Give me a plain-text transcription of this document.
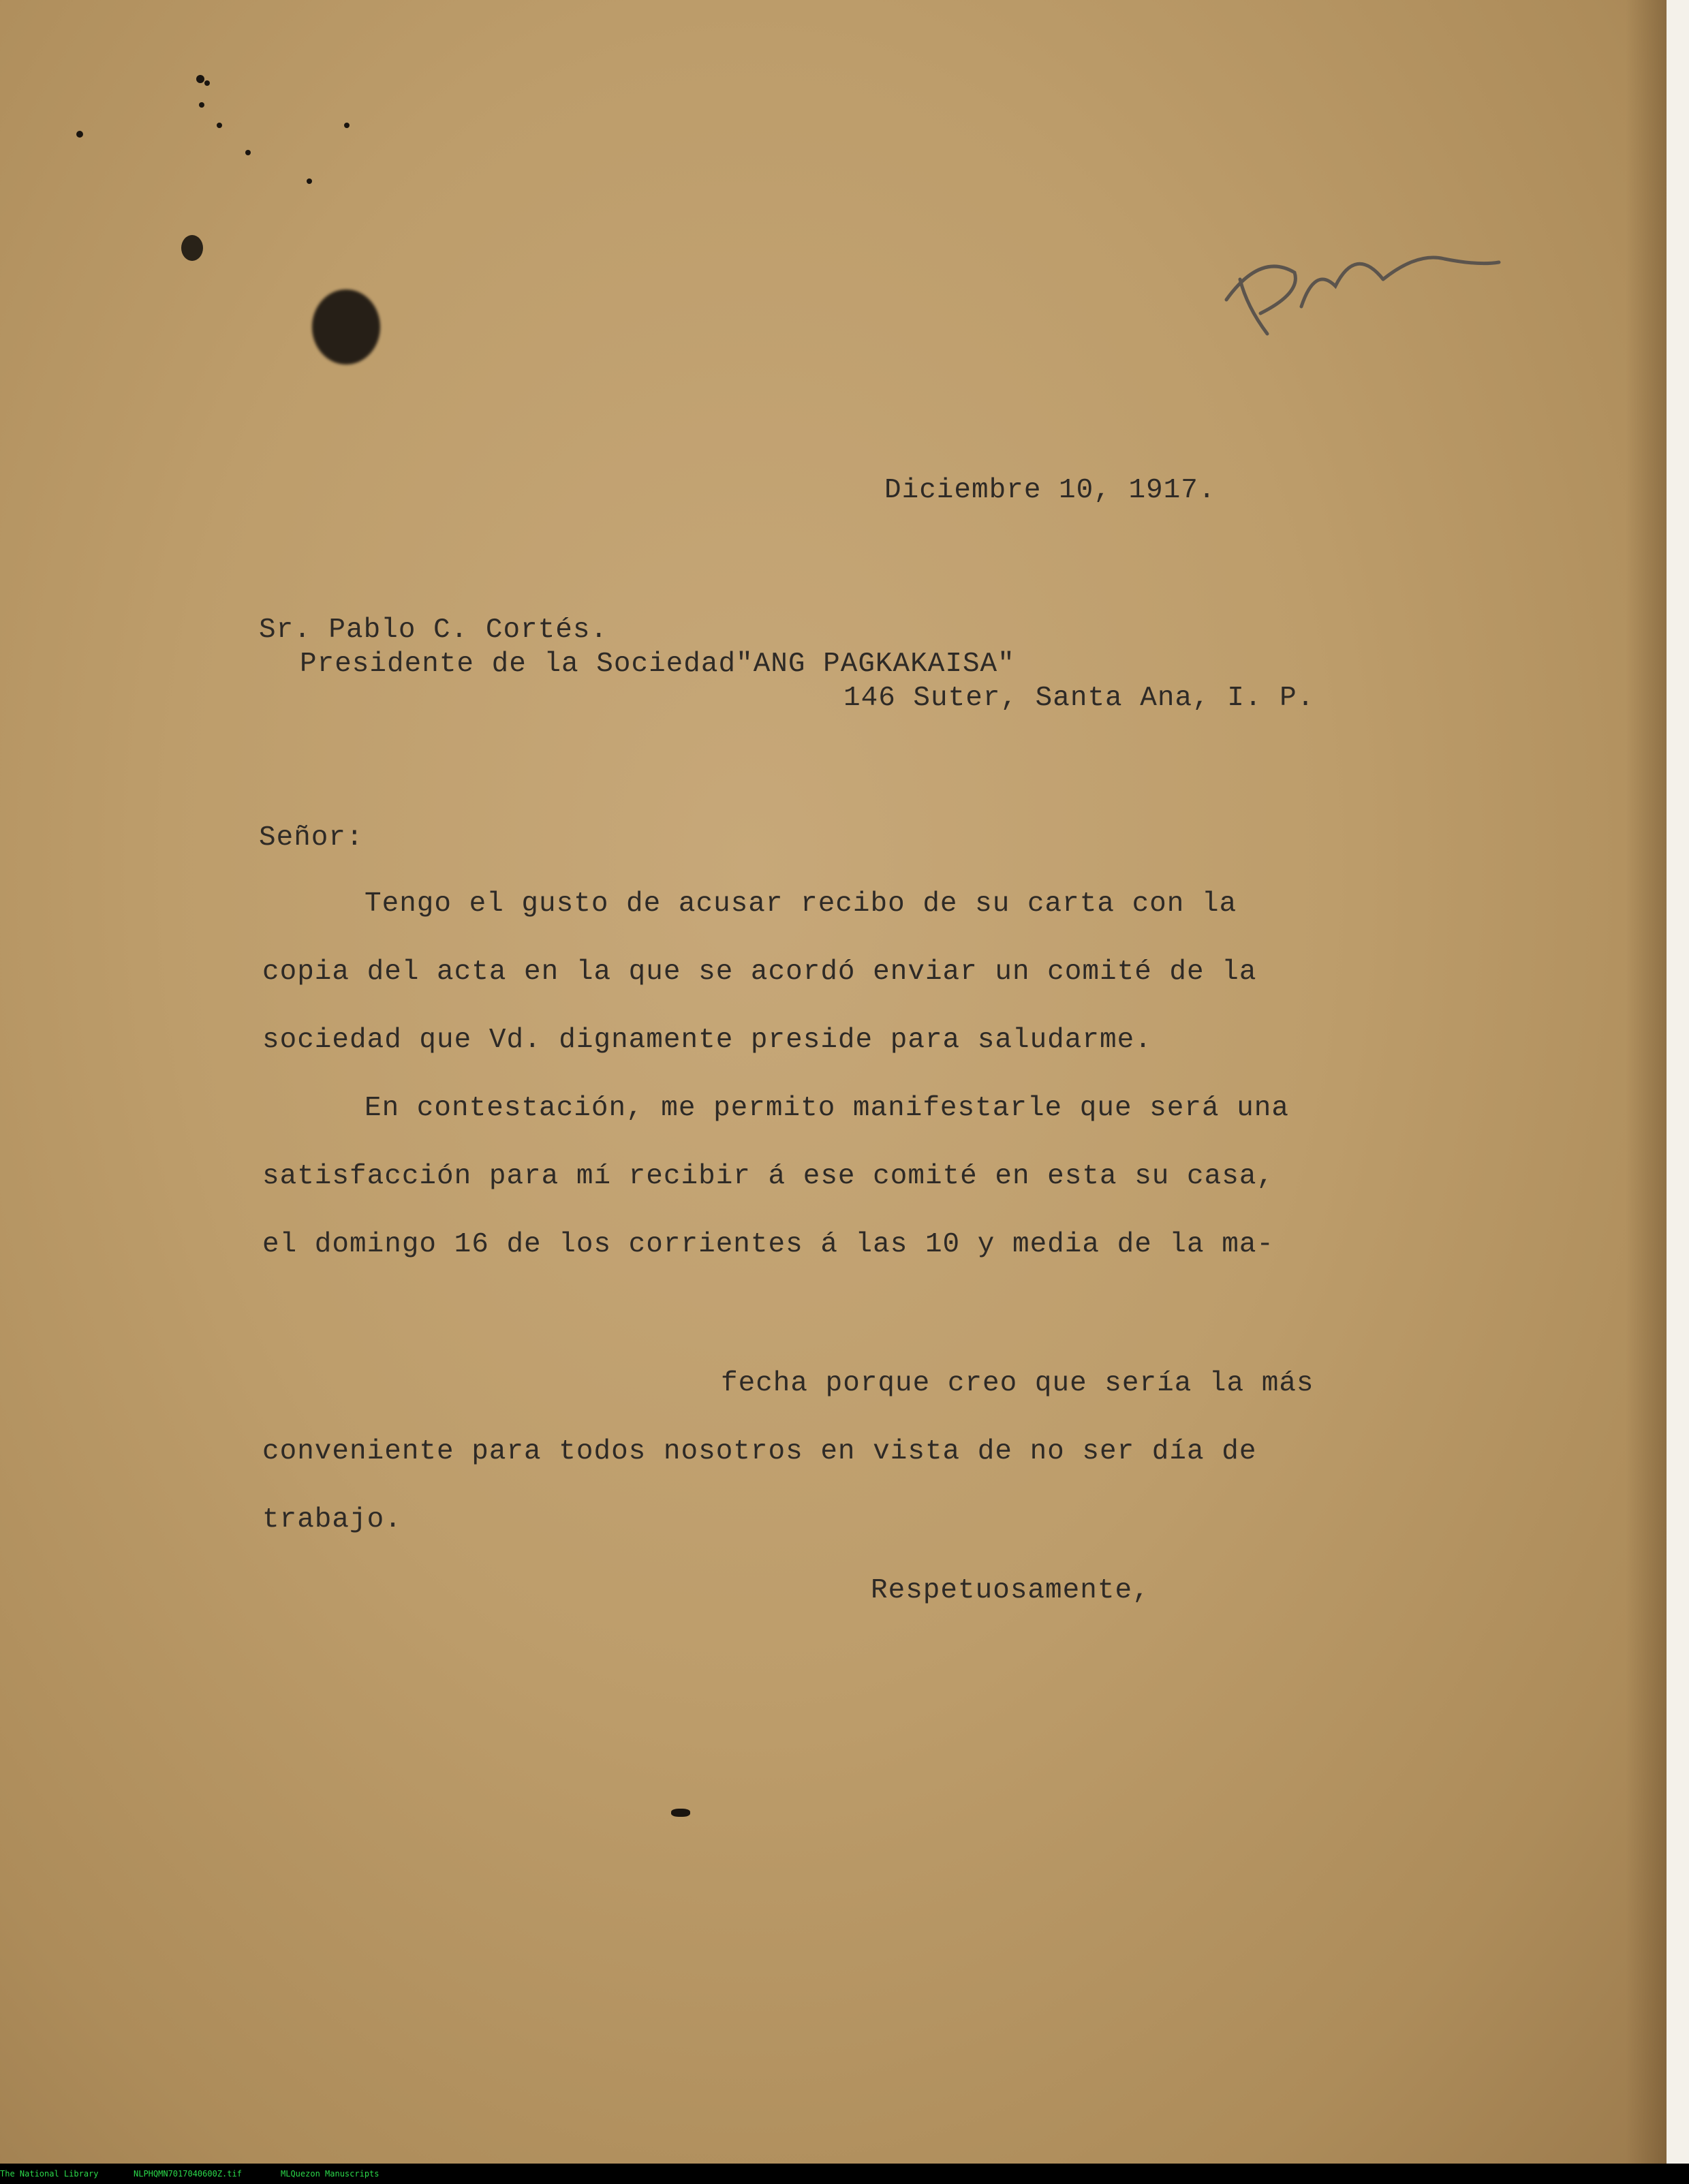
Diciembre 10, 1917.
Sr. Pablo C. Cortés.
Presidente de la Sociedad"ANG PAGKAKAISA"
146 Suter, Santa Ana, I. P.
Señor:
Tengo el gusto de acusar recibo de su carta con la
copia del acta en la que se acordó enviar un comité de la
sociedad que Vd. dignamente preside para saludarme.
En contestación, me permito manifestarle que será una
satisfacción para mí recibir á ese comité en esta su casa,
el domingo 16 de los corrientes á las 10 y media de la ma-
fecha porque creo que sería la más
conveniente para todos nosotros en vista de no ser día de
trabajo.
Respetuosamente,
The National Library	NLPHQMN7017040600Z.tif	MLQuezon Manuscripts
